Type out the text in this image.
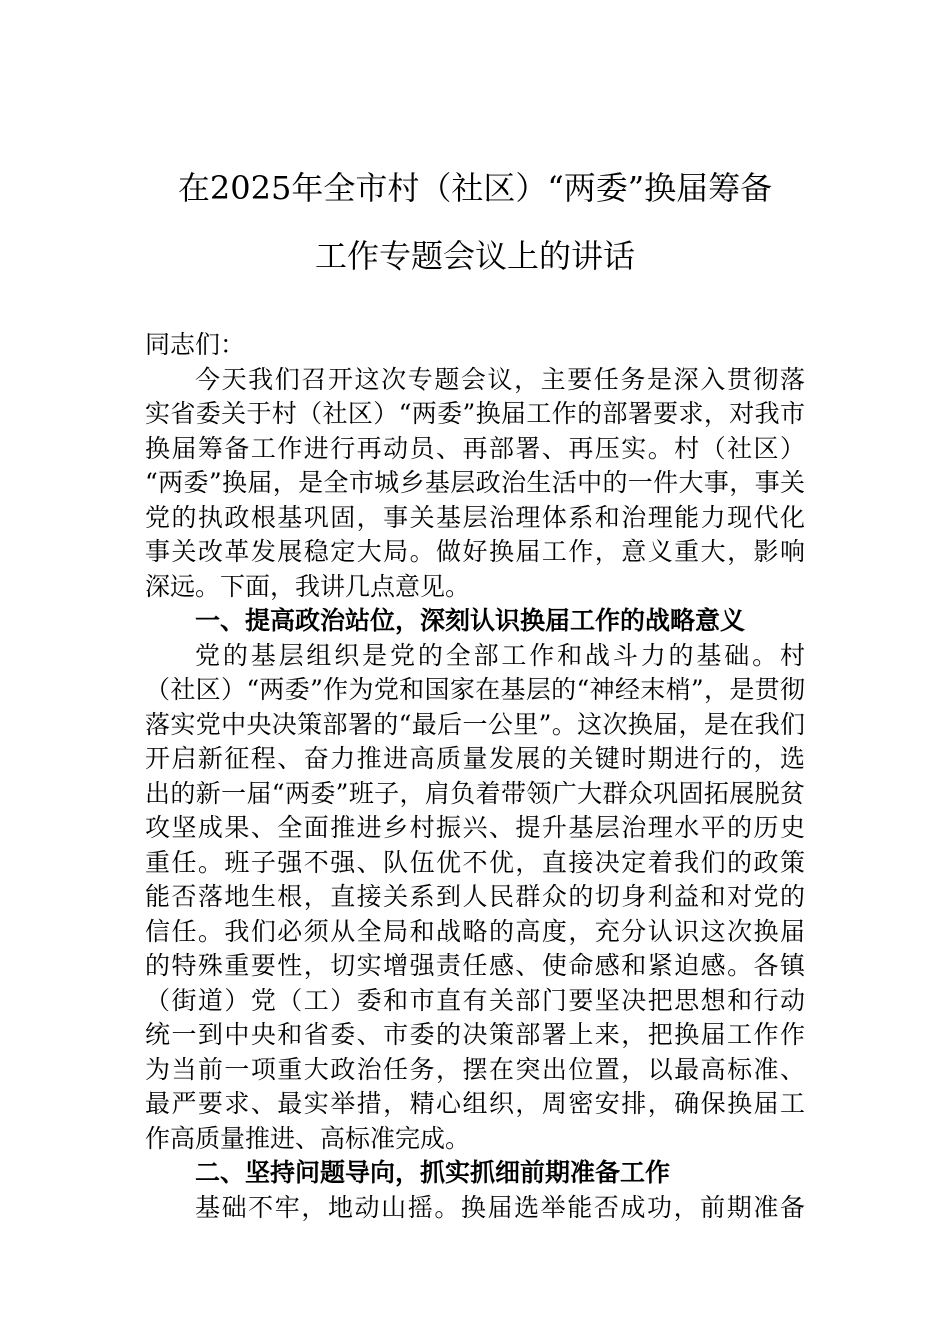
在2025年全市村（社区）“两委”换届筹备
工作专题会议上的讲话
同志们：
今天我们召开这次专题会议，主要任务是深入贯彻落
实省委关于村（社区）“两委”换届工作的部署要求，对我市
换届筹备工作进行再动员、再部署、再压实。村（社区）
“两委”换届，是全市城乡基层政治生活中的一件大事，事关
党的执政根基巩固，事关基层治理体系和治理能力现代化
事关改革发展稳定大局。做好换届工作，意义重大，影响
深远。下面，我讲几点意见。
一、提高政治站位，深刻认识换届工作的战略意义
党的基层组织是党的全部工作和战斗力的基础。村
（社区）“两委”作为党和国家在基层的“神经末梢”，是贯彻
落实党中央决策部署的“最后一公里”。这次换届，是在我们
开启新征程、奋力推进高质量发展的关键时期进行的，选
出的新一届“两委”班子，肩负着带领广大群众巩固拓展脱贫
攻坚成果、全面推进乡村振兴、提升基层治理水平的历史
重任。班子强不强、队伍优不优，直接决定着我们的政策
能否落地生根，直接关系到人民群众的切身利益和对党的
信任。我们必须从全局和战略的高度，充分认识这次换届
的特殊重要性，切实增强责任感、使命感和紧迫感。各镇
（街道）党（工）委和市直有关部门要坚决把思想和行动
统一到中央和省委、市委的决策部署上来，把换届工作作
为当前一项重大政治任务，摆在突出位置，以最高标准、
最严要求、最实举措，精心组织，周密安排，确保换届工
作高质量推进、高标准完成。
二、坚持问题导向，抓实抓细前期准备工作
基础不牢，地动山摇。换届选举能否成功，前期准备
